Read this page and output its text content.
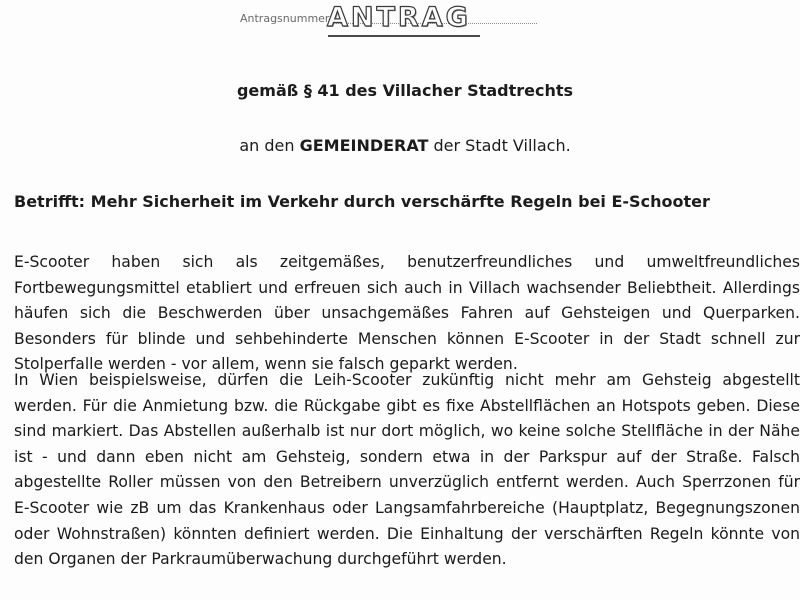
Antragsnummer
ANTRAG
gemäß § 41 des Villacher Stadtrechts
an den GEMEINDERAT der Stadt Villach.
Betrifft: Mehr Sicherheit im Verkehr durch verschärfte Regeln bei E-Schooter
E-Scooter haben sich als zeitgemäßes, benutzerfreundliches und umweltfreundliches
Fortbewegungsmittel etabliert und erfreuen sich auch in Villach wachsender Beliebtheit. Allerdings
häufen sich die Beschwerden über unsachgemäßes Fahren auf Gehsteigen und Querparken.
Besonders für blinde und sehbehinderte Menschen können E-Scooter in der Stadt schnell zur
Stolperfalle werden - vor allem, wenn sie falsch geparkt werden.
In Wien beispielsweise, dürfen die Leih-Scooter zukünftig nicht mehr am Gehsteig abgestellt
werden. Für die Anmietung bzw. die Rückgabe gibt es fixe Abstellflächen an Hotspots geben. Diese
sind markiert. Das Abstellen außerhalb ist nur dort möglich, wo keine solche Stellfläche in der Nähe
ist - und dann eben nicht am Gehsteig, sondern etwa in der Parkspur auf der Straße. Falsch
abgestellte Roller müssen von den Betreibern unverzüglich entfernt werden. Auch Sperrzonen für
E-Scooter wie zB um das Krankenhaus oder Langsamfahrbereiche (Hauptplatz, Begegnungszonen
oder Wohnstraßen) könnten definiert werden. Die Einhaltung der verschärften Regeln könnte von
den Organen der Parkraumüberwachung durchgeführt werden.
